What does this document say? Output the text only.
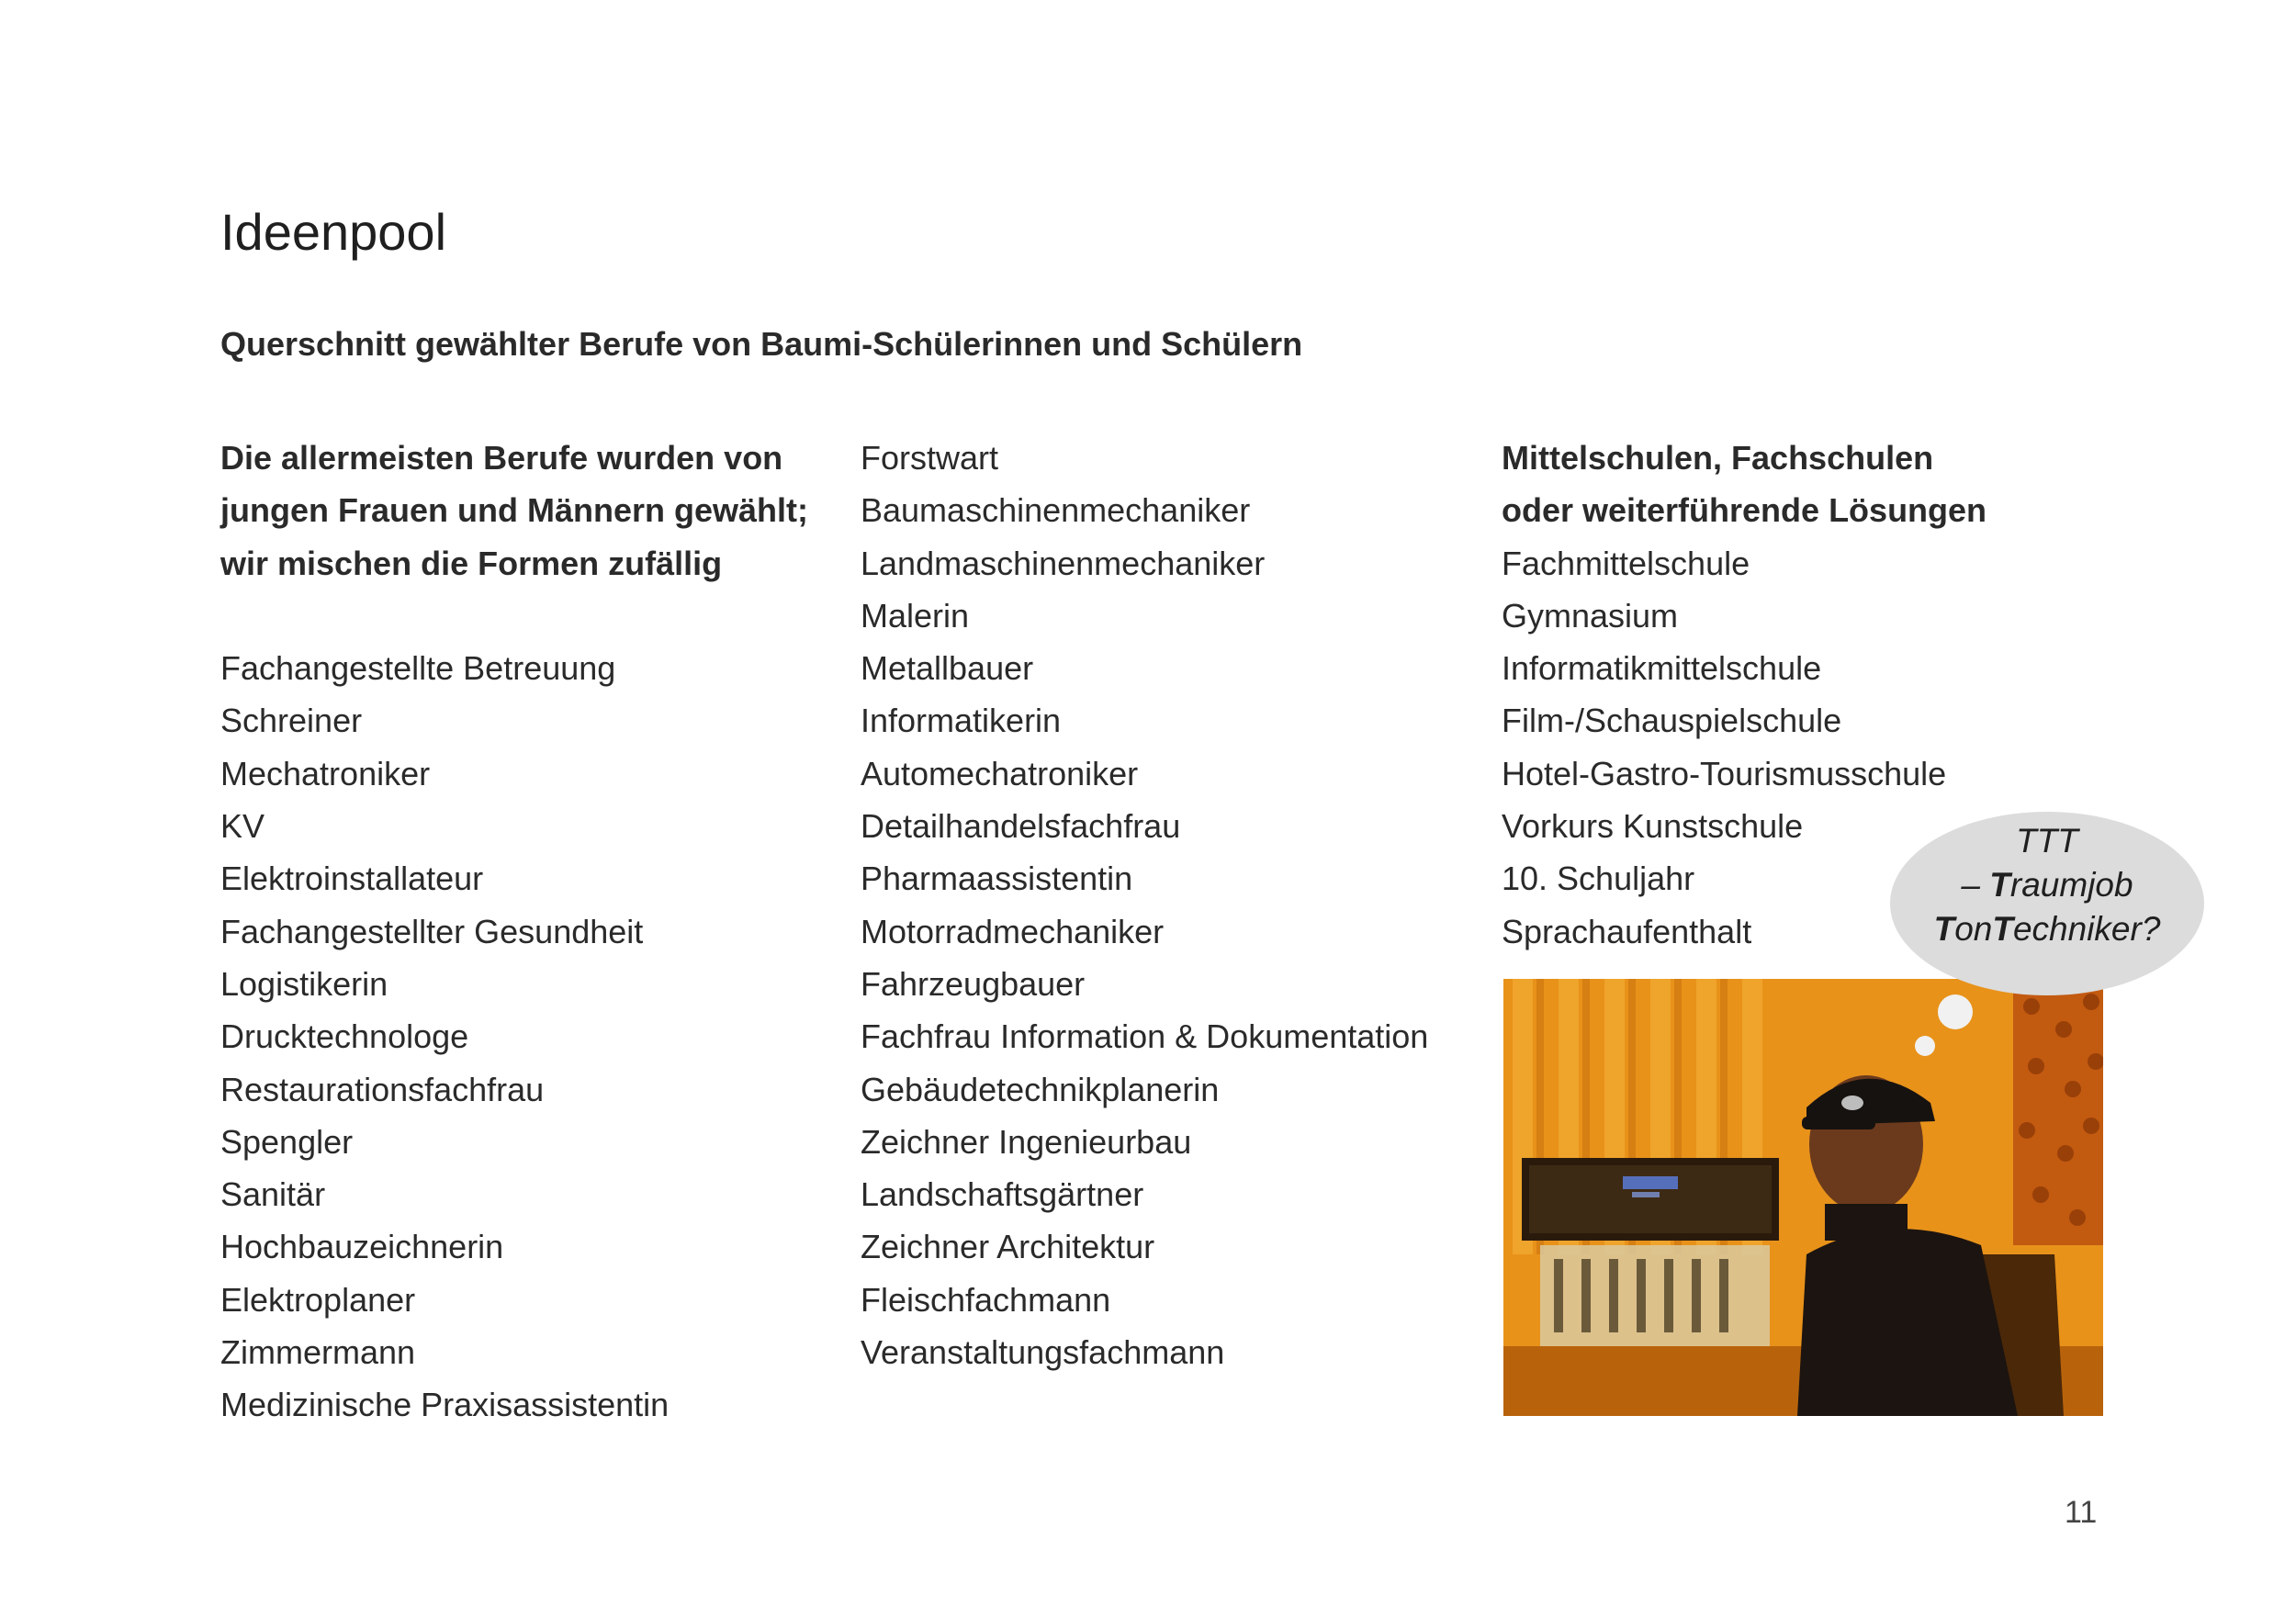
Ideenpool
Querschnitt gewählter Berufe von Baumi-Schülerinnen und Schülern
Die allermeisten Berufe wurden von
jungen Frauen und Männern gewählt;
wir mischen die Formen zufällig
Fachangestellte Betreuung
Schreiner
Mechatroniker
KV
Elektroinstallateur
Fachangestellter Gesundheit
Logistikerin
Drucktechnologe
Restaurationsfachfrau
Spengler
Sanitär
Hochbauzeichnerin
Elektroplaner
Zimmermann
Medizinische Praxisassistentin
Forstwart
Baumaschinenmechaniker
Landmaschinenmechaniker
Malerin
Metallbauer
Informatikerin
Automechatroniker
Detailhandelsfachfrau
Pharmaassistentin
Motorradmechaniker
Fahrzeugbauer
Fachfrau Information & Dokumentation
Gebäudetechnikplanerin
Zeichner Ingenieurbau
Landschaftsgärtner
Zeichner Architektur
Fleischfachmann
Veranstaltungsfachmann
Mittelschulen, Fachschulen
oder weiterführende Lösungen
Fachmittelschule
Gymnasium
Informatikmittelschule
Film-/Schauspielschule
Hotel-Gastro-Tourismusschule
Vorkurs Kunstschule
10. Schuljahr
Sprachaufenthalt
TTT
– Traumjob
TonTechniker?
11
